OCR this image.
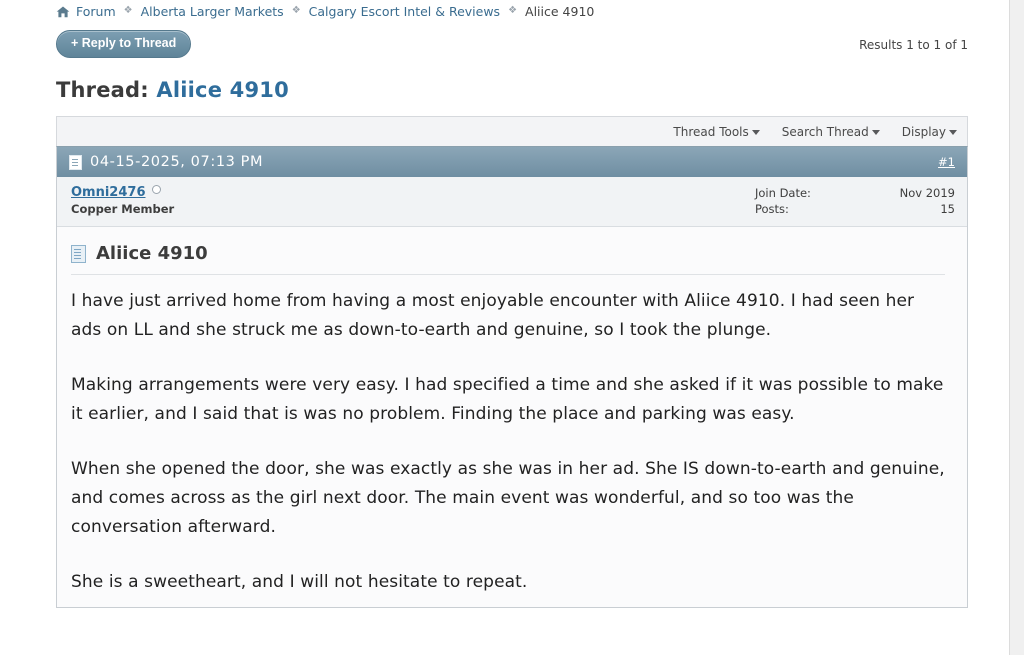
Forum ❖ Alberta Larger Markets ❖ Calgary Escort Intel & Reviews ❖ Aliice 4910
+ Reply to Thread	Results 1 to 1 of 1
Thread: Aliice 4910
Thread Tools	Search Thread	Display
04-15-2025, 07:13 PM	#1
Omni2476
Copper Member
Join Date:	Nov 2019
Posts:	15
Aliice 4910

I have just arrived home from having a most enjoyable encounter with Aliice 4910. I had seen her ads on LL and she struck me as down-to-earth and genuine, so I took the plunge.

Making arrangements were very easy. I had specified a time and she asked if it was possible to make it earlier, and I said that is was no problem. Finding the place and parking was easy.

When she opened the door, she was exactly as she was in her ad. She IS down-to-earth and genuine, and comes across as the girl next door. The main event was wonderful, and so too was the conversation afterward.

She is a sweetheart, and I will not hesitate to repeat.
